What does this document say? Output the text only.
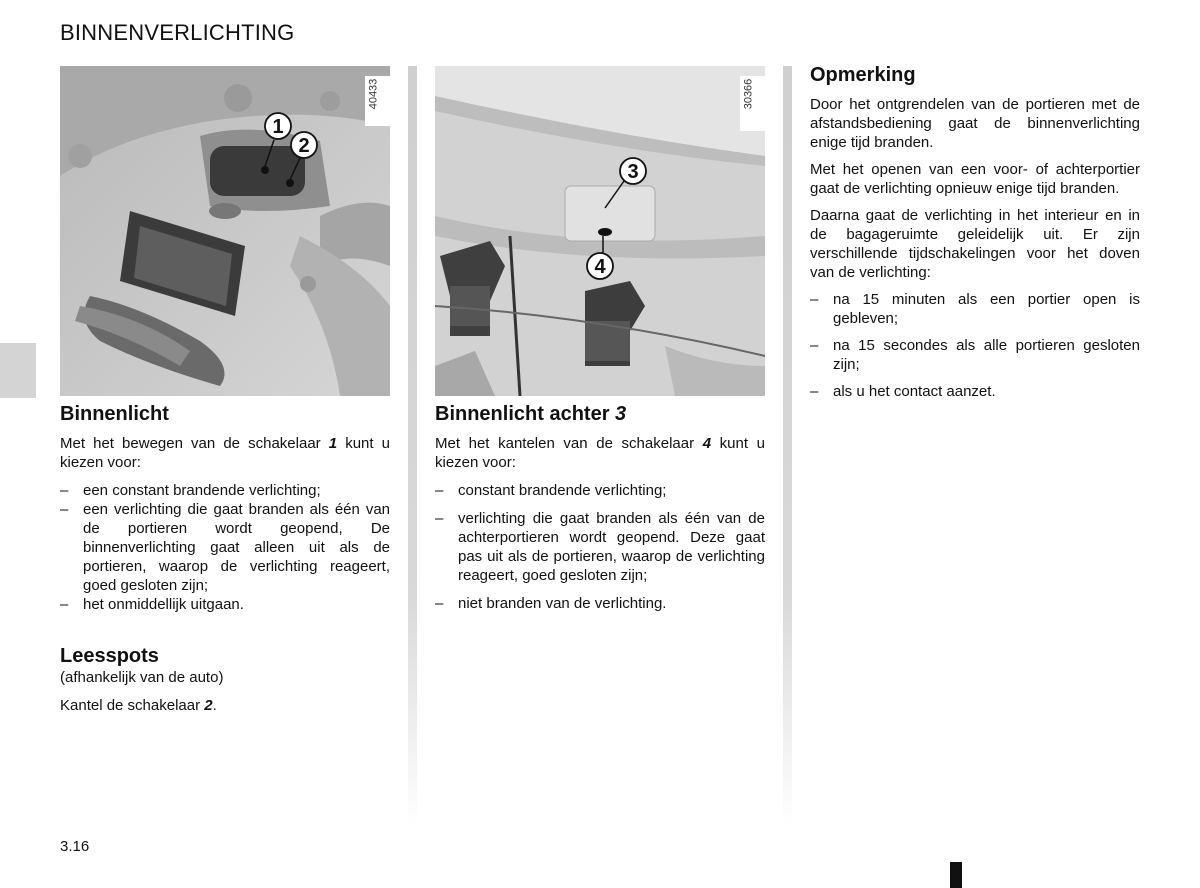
BINNENVERLICHTING
1
2
40433
3
4
30366
Binnenlicht

Met het bewegen van de schakelaar 1 kunt u kiezen voor:

– een constant brandende verlichting;
– een verlichting die gaat branden als één van de portieren wordt geopend, De binnenverlichting gaat alleen uit als de portieren, waarop de verlichting reageert, goed gesloten zijn;
– het onmiddellijk uitgaan.
Leesspots

(afhankelijk van de auto)

Kantel de schakelaar 2.

Binnenlicht achter 3

Met het kantelen van de schakelaar 4 kunt u kiezen voor:

– constant brandende verlichting;
– verlichting die gaat branden als één van de achterportieren wordt geopend. Deze gaat pas uit als de portieren, waarop de verlichting reageert, goed gesloten zijn;
– niet branden van de verlichting.
Opmerking

Door het ontgrendelen van de portieren met de afstandsbediening gaat de binnenverlichting enige tijd branden.

Met het openen van een voor- of achterportier gaat de verlichting opnieuw enige tijd branden.

Daarna gaat de verlichting in het interieur en in de bagageruimte geleidelijk uit. Er zijn verschillende tijdschakelingen voor het doven van de verlichting:

– na 15 minuten als een portier open is gebleven;
– na 15 secondes als alle portieren gesloten zijn;
– als u het contact aanzet.
3.16
